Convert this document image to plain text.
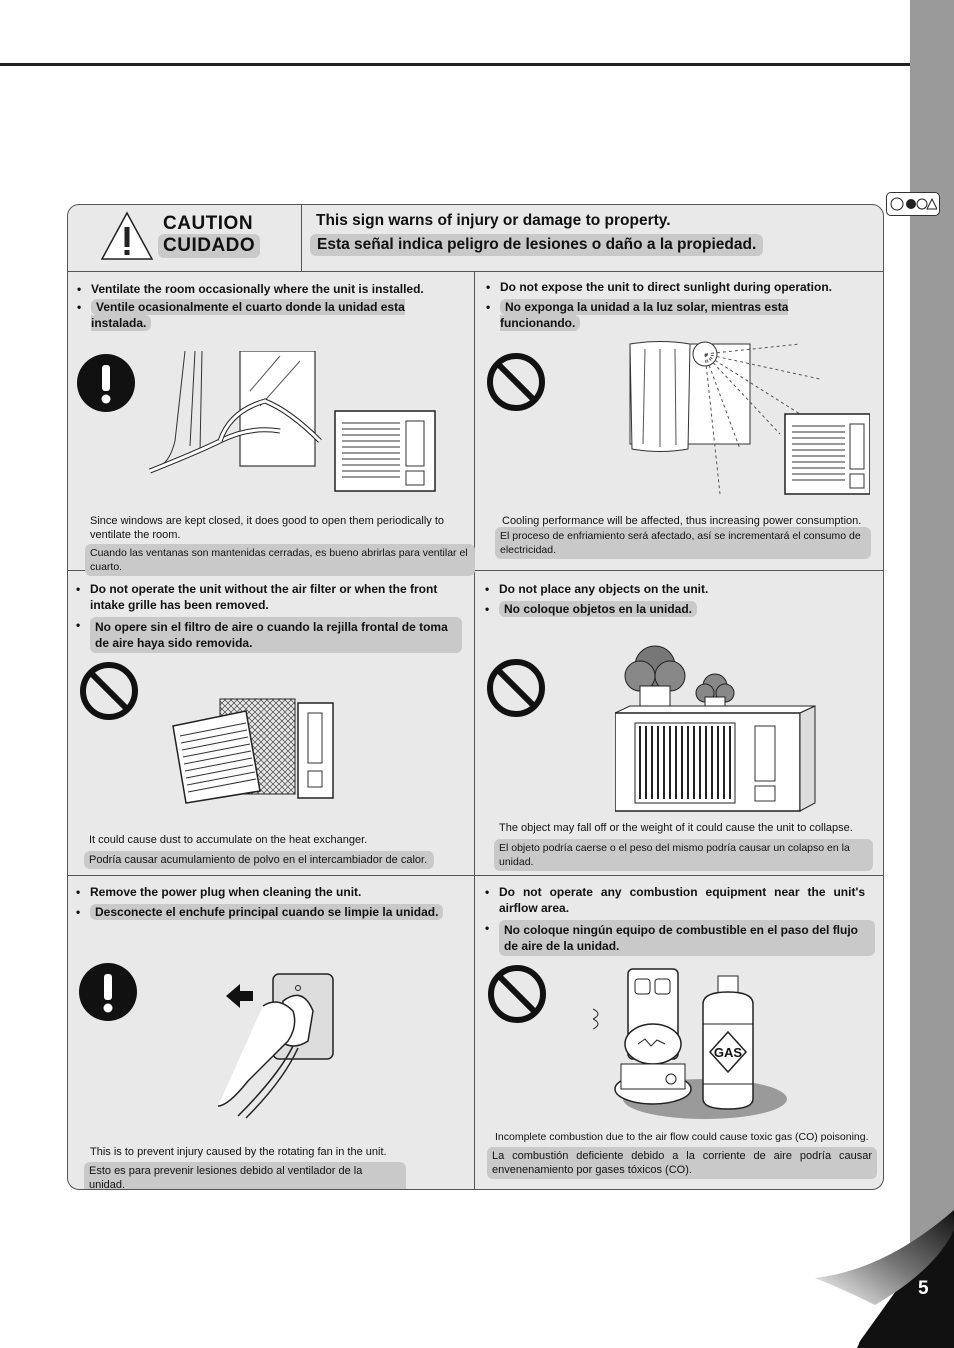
CAUTION
CUIDADO
This sign warns of injury or damage to property.
Esta señal indica peligro de lesiones o daño a la propiedad.
• Ventilate the room occasionally where the unit is installed.
• Ventile ocasionalmente el cuarto donde la unidad esta instalada.
Since windows are kept closed, it does good to open them periodically to ventilate the room.
Cuando las ventanas son mantenidas cerradas, es bueno abrirlas para ventilar el cuarto.
• Do not expose the unit to direct sunlight during operation.
• No exponga la unidad a la luz solar, mientras esta funcionando.
Cooling performance will be affected, thus increasing power consumption.
El proceso de enfriamiento será afectado, así se incrementará el consumo de electricidad.
• Do not operate the unit without the air filter or when the front intake grille has been removed.
• No opere sin el filtro de aire o cuando la rejilla frontal de toma de aire haya sido removida.
It could cause dust to accumulate on the heat exchanger.
Podría causar acumulamiento de polvo en el intercambiador de calor.
• Do not place any objects on the unit.
• No coloque objetos en la unidad.
The object may fall off or the weight of it could cause the unit to collapse.
El objeto podría caerse o el peso del mismo podría causar un colapso en la unidad.
• Remove the power plug when cleaning the unit.
• Desconecte el enchufe principal cuando se limpie la unidad.
This is to prevent injury caused by the rotating fan in the unit.
Esto es para prevenir lesiones debido al ventilador de la unidad.
• Do not operate any combustion equipment near the unit's airflow area.
• No coloque ningún equipo de combustible en el paso del flujo de aire de la unidad.
GAS
Incomplete combustion due to the air flow could cause toxic gas (CO) poisoning.
La combustión deficiente debido a la corriente de aire podría causar envenenamiento por gases tóxicos (CO).
5
